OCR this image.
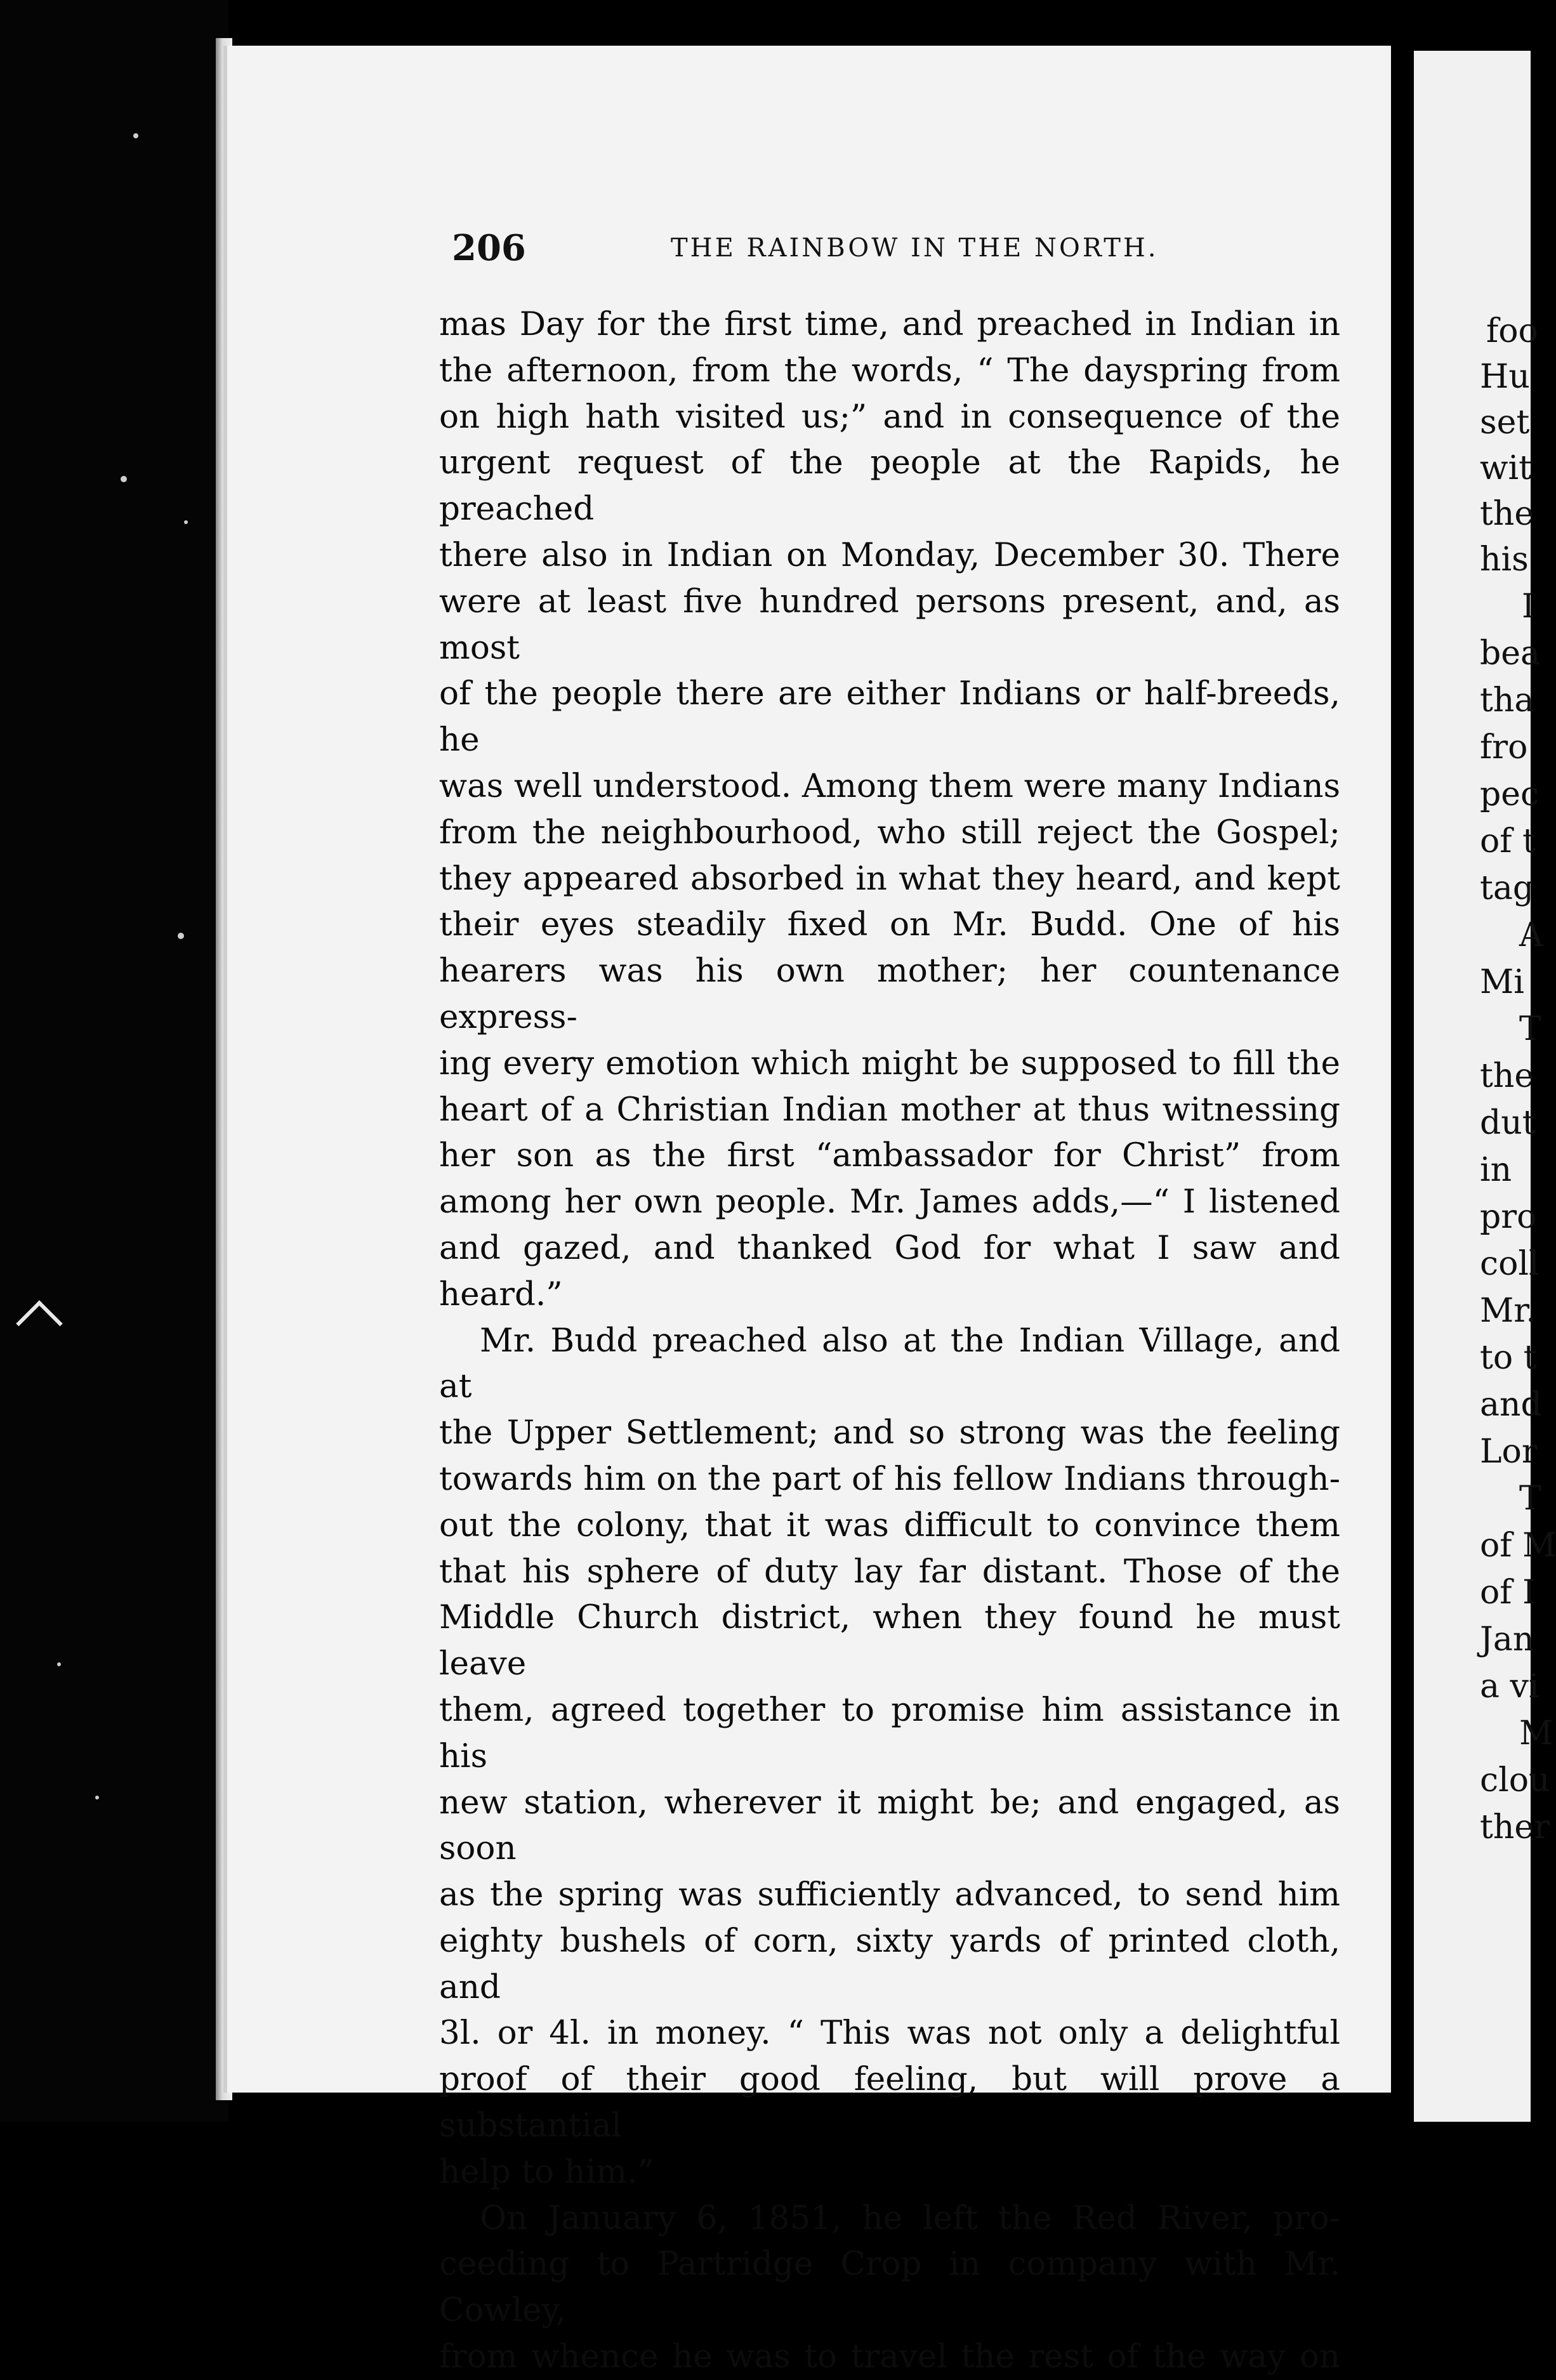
206	THE RAINBOW IN THE NORTH.

mas Day for the first time, and preached in Indian in

the afternoon, from the words, “ The dayspring from

on high hath visited us;” and in consequence of the

urgent request of the people at the Rapids, he preached

there also in Indian on Monday, December 30. There

were at least five hundred persons present, and, as most

of the people there are either Indians or half-breeds, he

was well understood. Among them were many Indians

from the neighbourhood, who still reject the Gospel;

they appeared absorbed in what they heard, and kept

their eyes steadily fixed on Mr. Budd. One of his

hearers was his own mother; her countenance express-

ing every emotion which might be supposed to fill the

heart of a Christian Indian mother at thus witnessing

her son as the first “ambassador for Christ” from

among her own people. Mr. James adds,—“ I listened

and gazed, and thanked God for what I saw and heard.”

Mr. Budd preached also at the Indian Village, and at

the Upper Settlement; and so strong was the feeling

towards him on the part of his fellow Indians through-

out the colony, that it was difficult to convince them

that his sphere of duty lay far distant. Those of the

Middle Church district, when they found he must leave

them, agreed together to promise him assistance in his

new station, wherever it might be; and engaged, as soon

as the spring was sufficiently advanced, to send him

eighty bushels of corn, sixty yards of printed cloth, and

3l. or 4l. in money. “ This was not only a delightful

proof of their good feeling, but will prove a substantial

help to him.”

On January 6, 1851, he left the Red River, pro-

ceeding to Partridge Crop in company with Mr. Cowley,

from whence he was to travel the rest of the way on

foo
Hu
set
wit
the
his
I
bea
tha
fro
pec
of t
tag
A
Mi
T
the
dut
in
pro
coll
Mr.
to t
and
Lor
T
of M
of I
Jan
a vi
M
clou
ther
